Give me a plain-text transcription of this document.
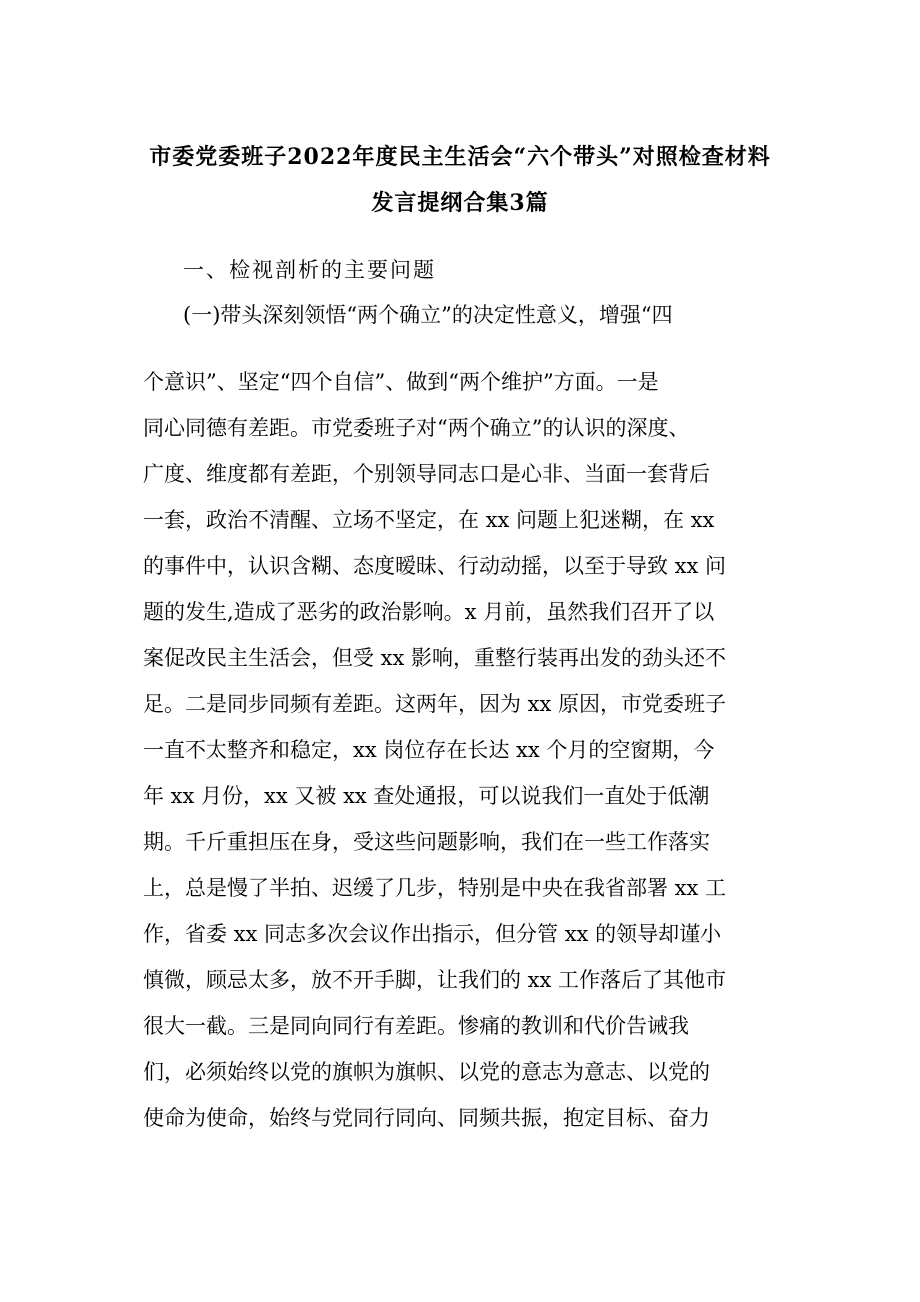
市委党委班子2022年度民主生活会“六个带头”对照检查材料
发言提纲合集3篇
一、检视剖析的主要问题
(一)带头深刻领悟“两个确立”的决定性意义，增强“四
个意识”、坚定“四个自信”、做到“两个维护”方面。一是
同心同德有差距。市党委班子对“两个确立”的认识的深度、
广度、维度都有差距，个别领导同志口是心非、当面一套背后
一套，政治不清醒、立场不坚定，在 xx 问题上犯迷糊，在 xx
的事件中，认识含糊、态度暧昧、行动动摇，以至于导致 xx 问
题的发生,造成了恶劣的政治影响。x 月前，虽然我们召开了以
案促改民主生活会，但受 xx 影响，重整行装再出发的劲头还不
足。二是同步同频有差距。这两年，因为 xx 原因，市党委班子
一直不太整齐和稳定，xx 岗位存在长达 xx 个月的空窗期，今
年 xx 月份，xx 又被 xx 查处通报，可以说我们一直处于低潮
期。千斤重担压在身，受这些问题影响，我们在一些工作落实
上，总是慢了半拍、迟缓了几步，特别是中央在我省部署 xx 工
作，省委 xx 同志多次会议作出指示，但分管 xx 的领导却谨小
慎微，顾忌太多，放不开手脚，让我们的 xx 工作落后了其他市
很大一截。三是同向同行有差距。惨痛的教训和代价告诫我
们，必须始终以党的旗帜为旗帜、以党的意志为意志、以党的
使命为使命，始终与党同行同向、同频共振，抱定目标、奋力
